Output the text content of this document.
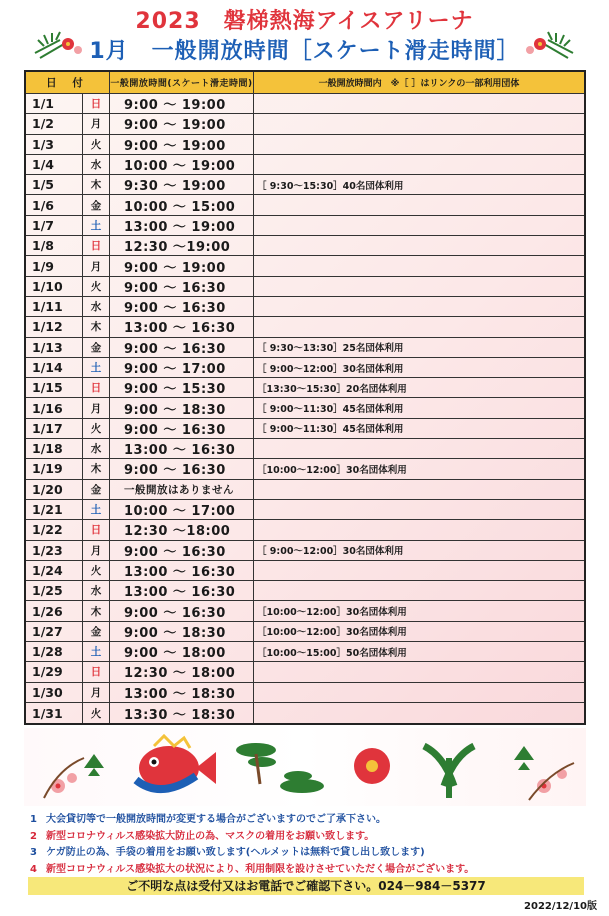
2023　磐梯熱海アイスアリーナ
1月　一般開放時間［スケート滑走時間］
日 付	一般開放時間(スケート滑走時間)	一般開放時間内　※［ ］はリンクの一部利用団体
1/1	日	9:00 ～ 19:00
1/2	月	9:00 ～ 19:00
1/3	火	9:00 ～ 19:00
1/4	水	10:00 ～ 19:00
1/5	木	9:30 ～ 19:00	［ 9:30～15:30］40名団体利用
1/6	金	10:00 ～ 15:00
1/7	土	13:00 ～ 19:00
1/8	日	12:30 ～19:00
1/9	月	9:00 ～ 19:00
1/10	火	9:00 ～ 16:30
1/11	水	9:00 ～ 16:30
1/12	木	13:00 ～ 16:30
1/13	金	9:00 ～ 16:30	［ 9:30～13:30］25名団体利用
1/14	土	9:00 ～ 17:00	［ 9:00～12:00］30名団体利用
1/15	日	9:00 ～ 15:30	［13:30～15:30］20名団体利用
1/16	月	9:00 ～ 18:30	［ 9:00～11:30］45名団体利用
1/17	火	9:00 ～ 16:30	［ 9:00～11:30］45名団体利用
1/18	水	13:00 ～ 16:30
1/19	木	9:00 ～ 16:30	［10:00～12:00］30名団体利用
1/20	金	一般開放はありません
1/21	土	10:00 ～ 17:00
1/22	日	12:30 ～18:00
1/23	月	9:00 ～ 16:30	［ 9:00～12:00］30名団体利用
1/24	火	13:00 ～ 16:30
1/25	水	13:00 ～ 16:30
1/26	木	9:00 ～ 16:30	［10:00～12:00］30名団体利用
1/27	金	9:00 ～ 18:30	［10:00～12:00］30名団体利用
1/28	土	9:00 ～ 18:00	［10:00～15:00］50名団体利用
1/29	日	12:30 ～ 18:00
1/30	月	13:00 ～ 18:30
1/31	火	13:30 ～ 18:30
1 大会貸切等で一般開放時間が変更する場合がございますのでご了承下さい。
2 新型コロナウィルス感染拡大防止の為、マスクの着用をお願い致します。
3 ケガ防止の為、手袋の着用をお願い致します(ヘルメットは無料で貸し出し致します)
4 新型コロナウィルス感染拡大の状況により、利用制限を設けさせていただく場合がございます。
ご不明な点は受付又はお電話でご確認下さい。024－984－5377
2022/12/10版
